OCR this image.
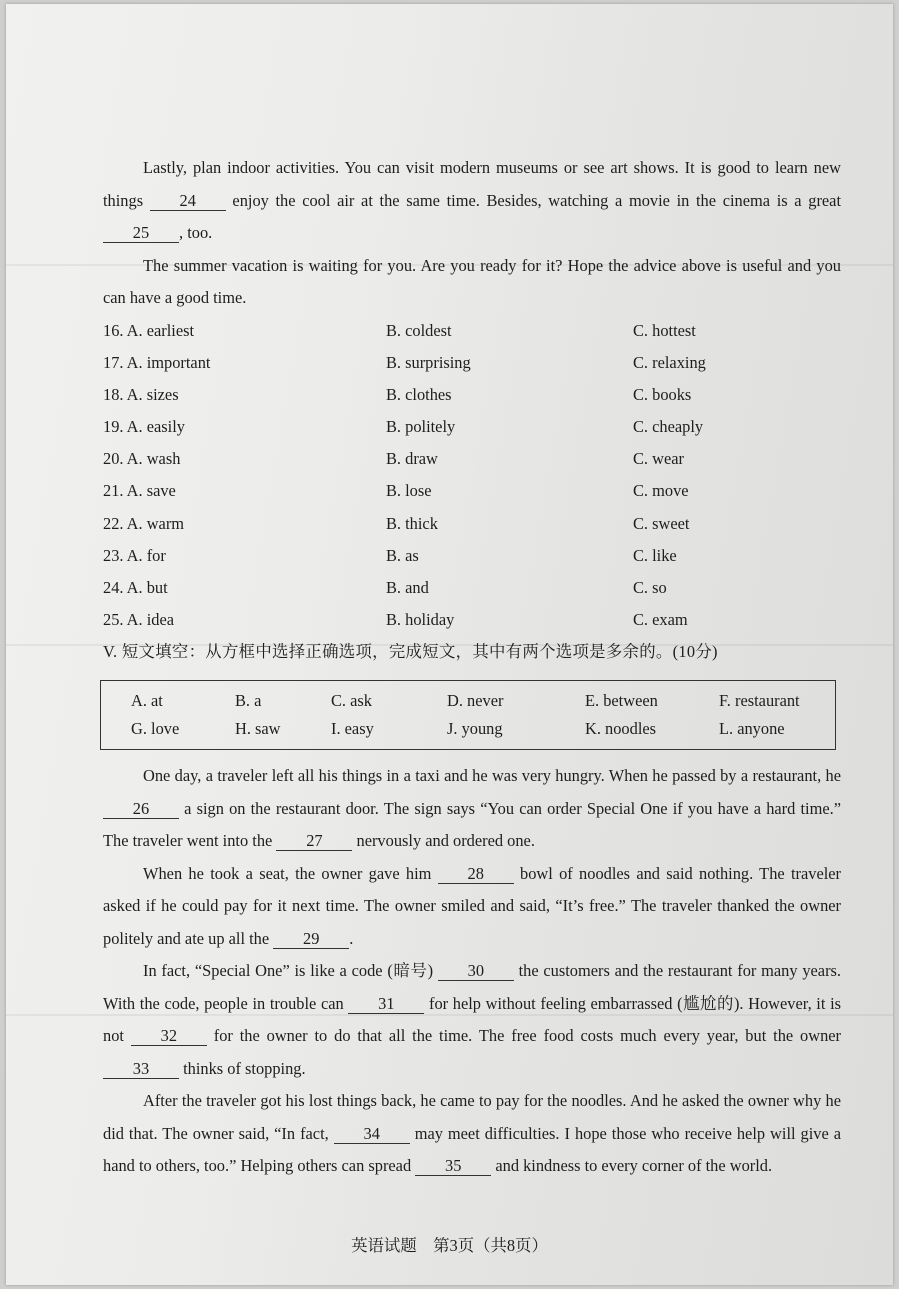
Lastly, plan indoor activities. You can visit modern museums or see art shows. It is good to learn new things 24 enjoy the cool air at the same time. Besides, watching a movie in the cinema is a great 25 , too.

The summer vacation is waiting for you. Are you ready for it? Hope the advice above is useful and you can have a good time.

16. A. earliest	B. coldest	C. hottest
17. A. important	B. surprising	C. relaxing
18. A. sizes	B. clothes	C. books
19. A. easily	B. politely	C. cheaply
20. A. wash	B. draw	C. wear
21. A. save	B. lose	C. move
22. A. warm	B. thick	C. sweet
23. A. for	B. as	C. like
24. A. but	B. and	C. so
25. A. idea	B. holiday	C. exam

V. 短文填空：从方框中选择正确选项，完成短文，其中有两个选项是多余的。(10分)

A. at	B. a	C. ask	D. never	E. between	F. restaurant
G. love	H. saw	I. easy	J. young	K. noodles	L. anyone

One day, a traveler left all his things in a taxi and he was very hungry. When he passed by a restaurant, he 26 a sign on the restaurant door. The sign says “You can order Special One if you have a hard time.” The traveler went into the 27 nervously and ordered one.

When he took a seat, the owner gave him 28 bowl of noodles and said nothing. The traveler asked if he could pay for it next time. The owner smiled and said, “It’s free.” The traveler thanked the owner politely and ate up all the 29 .

In fact, “Special One” is like a code (暗号) 30 the customers and the restaurant for many years. With the code, people in trouble can 31 for help without feeling embarrassed (尴尬的). However, it is not 32 for the owner to do that all the time. The free food costs much every year, but the owner 33 thinks of stopping.

After the traveler got his lost things back, he came to pay for the noodles. And he asked the owner why he did that. The owner said, “In fact, 34 may meet difficulties. I hope those who receive help will give a hand to others, too.” Helping others can spread 35 and kindness to every corner of the world.

英语试题　第3页（共8页）
